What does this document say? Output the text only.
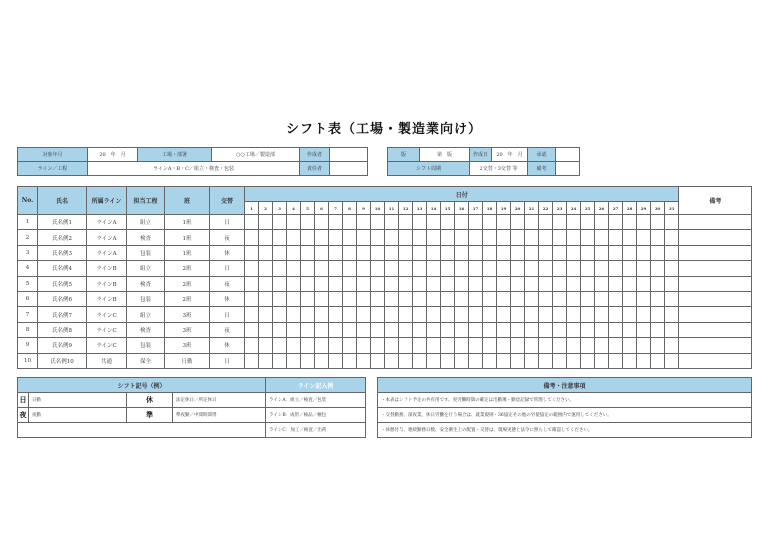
シフト表（工場・製造業向け）
対象年月	20　年　月	工場・部署	○○工場／製造部	作成者			版	第　版	作成日	20　年　月	承認		
ライン／工程	ラインA・B・C／組立・検査・包装			責任者			シフト周期		2交替・3交替 等		備考		
No.	氏名	所属ライン	担当工程	班	交替	日付																															備考
						1	2	3	4	5	6	7	8	9	10	11	12	13	14	15	16	17	18	19	20	21	22	23	24	25	26	27	28	29	30	31	
1	氏名例1	ラインA	組立	1班	日																																
2	氏名例2	ラインA	検査	1班	夜																																
3	氏名例3	ラインA	包装	1班	休																																
4	氏名例4	ラインB	組立	2班	日																																
5	氏名例5	ラインB	検査	2班	夜																																
6	氏名例6	ラインB	包装	2班	休																																
7	氏名例7	ラインC	組立	3班	日																																
8	氏名例8	ラインC	検査	3班	夜																																
9	氏名例9	ラインC	包装	3班	休																																
10	氏名例10	共通	保全	日勤	日																																
シフト記号（例）				ライン記入例		備考・注意事項
日	日勤	休	法定休日／所定休日	ラインA：組立／検査／包装		・本表はシフト予定の共有用です。実労働時間の確定は出勤簿・勤怠記録で管理してください。
夜	夜勤	準	準夜勤／中間時間帯	ラインB：成形／検品／梱包		・交替勤務、深夜業、休日労働を行う場合は、就業規則・36協定その他の労使協定の範囲内で運用してください。
				ラインC：加工／検査／出荷		・休憩付与、連続勤務日数、安全衛生上の配置・交替は、現場実態と法令に照らして確認してください。
